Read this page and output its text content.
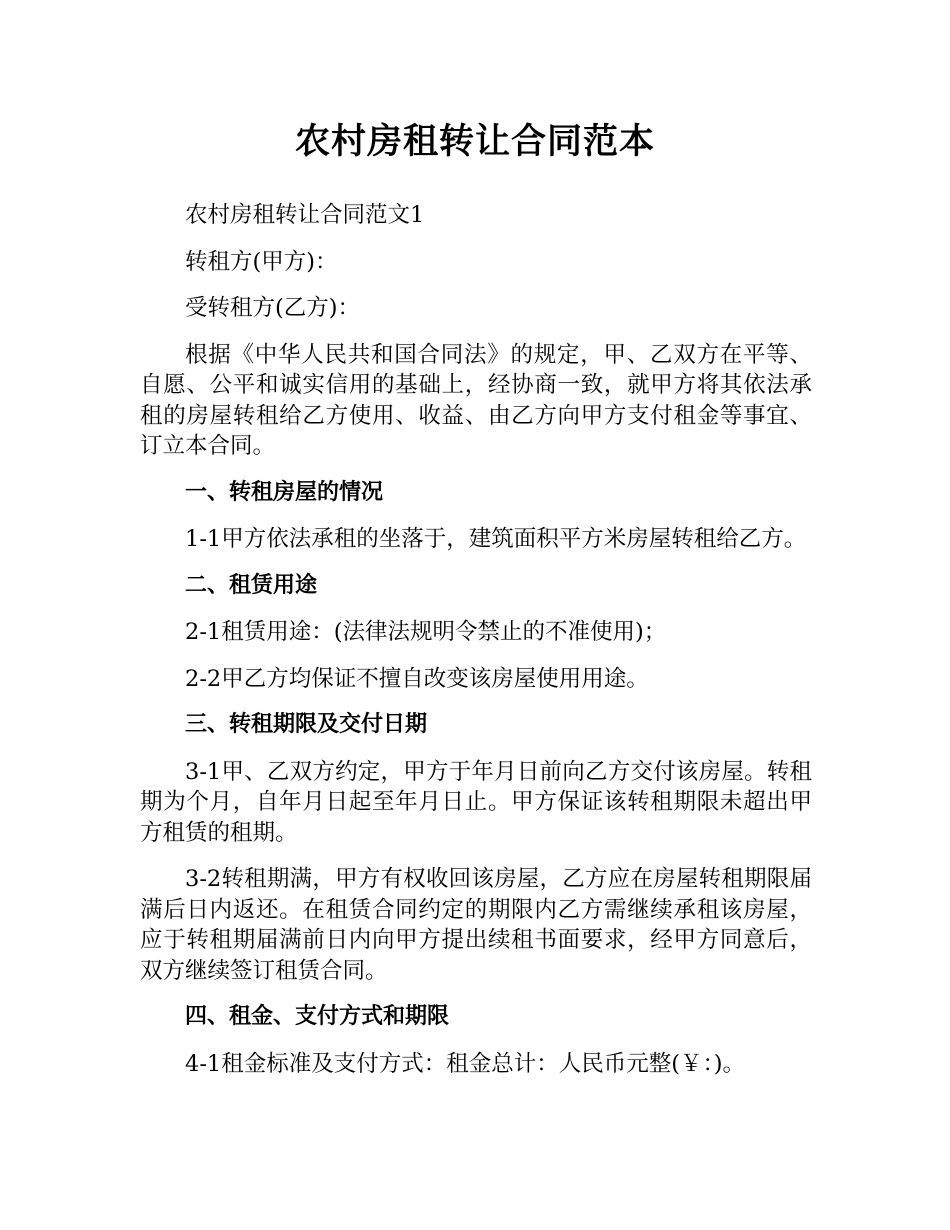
农村房租转让合同范本

农村房租转让合同范文1

转租方(甲方)：

受转租方(乙方)：

根据《中华人民共和国合同法》的规定，甲、乙双方在平等、自愿、公平和诚实信用的基础上，经协商一致，就甲方将其依法承租的房屋转租给乙方使用、收益、由乙方向甲方支付租金等事宜、订立本合同。

一、转租房屋的情况

1-1甲方依法承租的坐落于，建筑面积平方米房屋转租给乙方。

二、租赁用途

2-1租赁用途：(法律法规明令禁止的不准使用)；

2-2甲乙方均保证不擅自改变该房屋使用用途。

三、转租期限及交付日期

3-1甲、乙双方约定，甲方于年月日前向乙方交付该房屋。转租期为个月，自年月日起至年月日止。甲方保证该转租期限未超出甲方租赁的租期。

3-2转租期满，甲方有权收回该房屋，乙方应在房屋转租期限届满后日内返还。在租赁合同约定的期限内乙方需继续承租该房屋，应于转租期届满前日内向甲方提出续租书面要求，经甲方同意后，双方继续签订租赁合同。

四、租金、支付方式和期限

4-1租金标准及支付方式：租金总计：人民币元整(￥：)。
